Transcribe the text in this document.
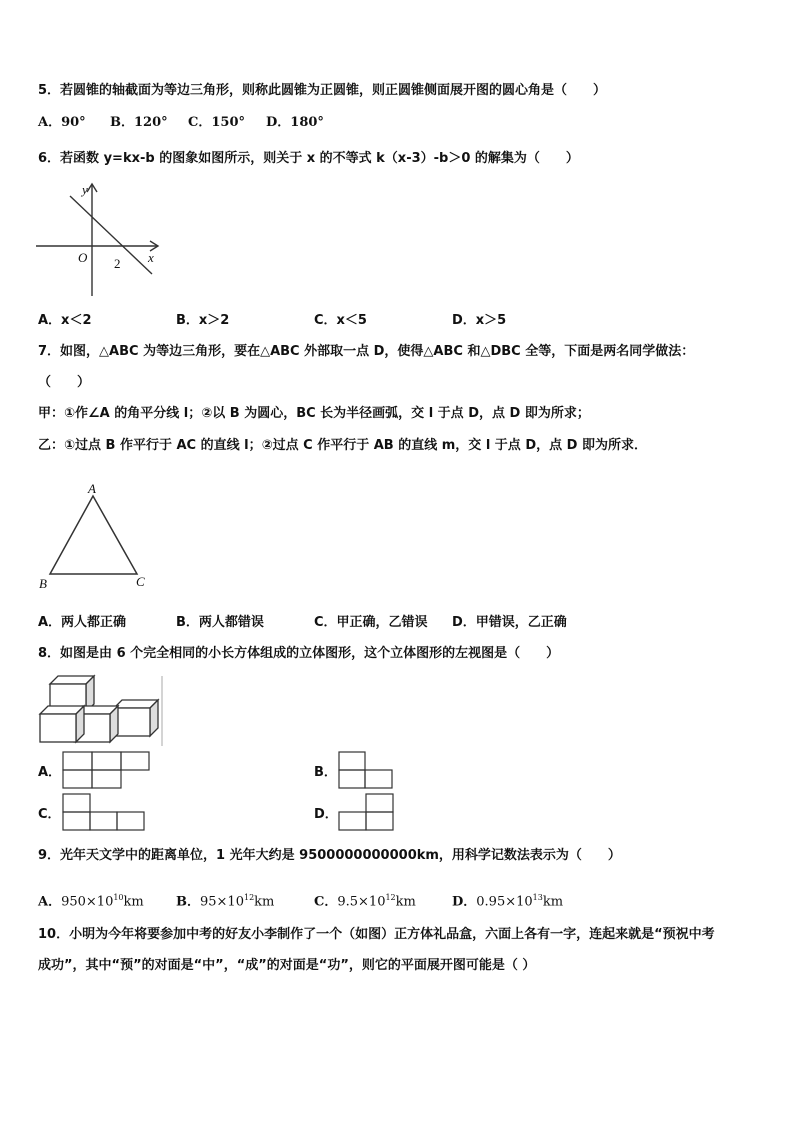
5．若圆锥的轴截面为等边三角形，则称此圆锥为正圆锥，则正圆锥侧面展开图的圆心角是（　　）
A．90° B．120° C．150° D．180°
6．若函数 y=kx-b 的图象如图所示，则关于 x 的不等式 k（x-3）-b＞0 的解集为（　　）
y
x
O 2
A．x＜2	B．x＞2	C．x＜5	D．x＞5
7．如图，△ABC 为等边三角形，要在△ABC 外部取一点 D，使得△ABC 和△DBC 全等，下面是两名同学做法：
（　　）
甲：①作∠A 的角平分线 l；②以 B 为圆心，BC 长为半径画弧，交 l 于点 D，点 D 即为所求；
乙：①过点 B 作平行于 AC 的直线 l；②过点 C 作平行于 AB 的直线 m，交 l 于点 D，点 D 即为所求．
A
B	C
A．两人都正确	B．两人都错误	C．甲正确，乙错误 D．甲错误，乙正确
8．如图是由 6 个完全相同的小长方体组成的立体图形，这个立体图形的左视图是（　　）
A．	B．
C．	D．
9．光年天文学中的距离单位，1 光年大约是 9500000000000km，用科学记数法表示为（　　）
A．$950\times 10^{10}km$ B．$95\times 10^{12}km$	C．$9.5\times 10^{12}km$	D．$0.95\times 10^{13}km$
10．小明为今年将要参加中考的好友小李制作了一个（如图）正方体礼品盒，六面上各有一字，连起来就是“预祝中考
成功”，其中“预”的对面是“中”，“成”的对面是“功”，则它的平面展开图可能是（ ）
